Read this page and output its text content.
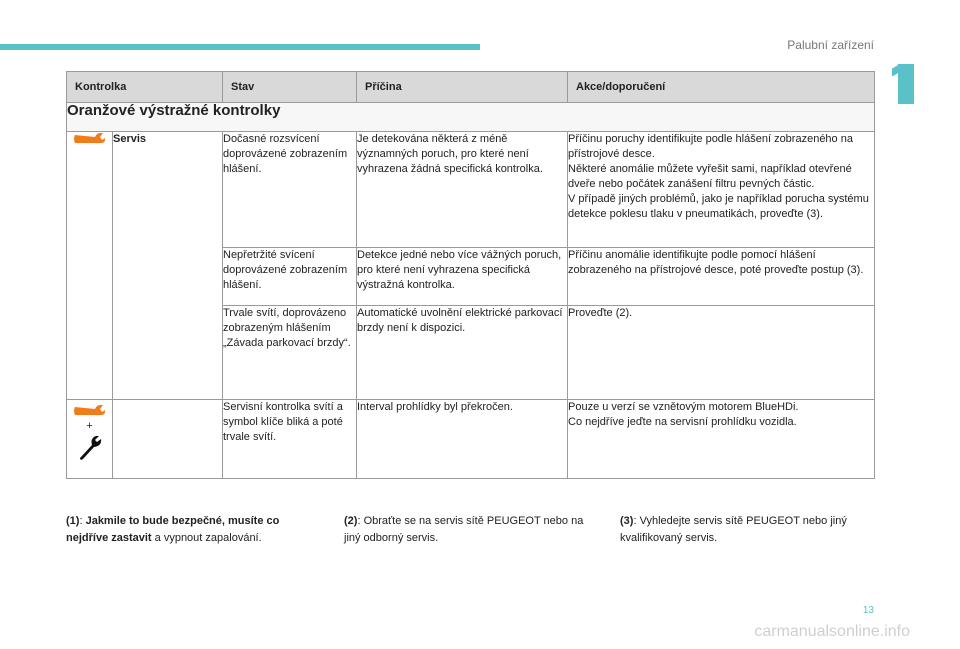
Palubní zařízení
Kontrolka		Stav	Příčina	Akce/doporučení
Oranžové výstražné kontrolky				

	Servis	Dočasné rozsvícení doprovázené zobrazením hlášení.	Je detekována některá z méně významných poruch, pro které není vyhrazena žádná specifická kontrolka.	Příčinu poruchy identifikujte podle hlášení zobrazeného na přístrojové desce.
Některé anomálie můžete vyřešit sami, například otevřené dveře nebo počátek zanášení filtru pevných částic.
V případě jiných problémů, jako je například porucha systému detekce poklesu tlaku v pneumatikách, proveďte (3).
		Nepřetržité svícení doprovázené zobrazením hlášení.	Detekce jedné nebo více vážných poruch, pro které není vyhrazena specifická výstražná kontrolka.	Příčinu anomálie identifikujte podle pomocí hlášení zobrazeného na přístrojové desce, poté proveďte postup (3).
		Trvale svítí, doprovázeno zobrazeným hlášením „Závada parkovací brzdy“.	Automatické uvolnění elektrické parkovací brzdy není k dispozici.	Proveďte (2).

+		Servisní kontrolka svítí a symbol klíče bliká a poté trvale svítí.	Interval prohlídky byl překročen.	Pouze u verzí se vznětovým motorem BlueHDi.
Co nejdříve jeďte na servisní prohlídku vozidla.
(1): Jakmile to bude bezpečné, musíte co nejdříve zastavit a vypnout zapalování.
(2): Obraťte se na servis sítě PEUGEOT nebo na jiný odborný servis.
(3): Vyhledejte servis sítě PEUGEOT nebo jiný kvalifikovaný servis.
13
carmanualsonline.info
